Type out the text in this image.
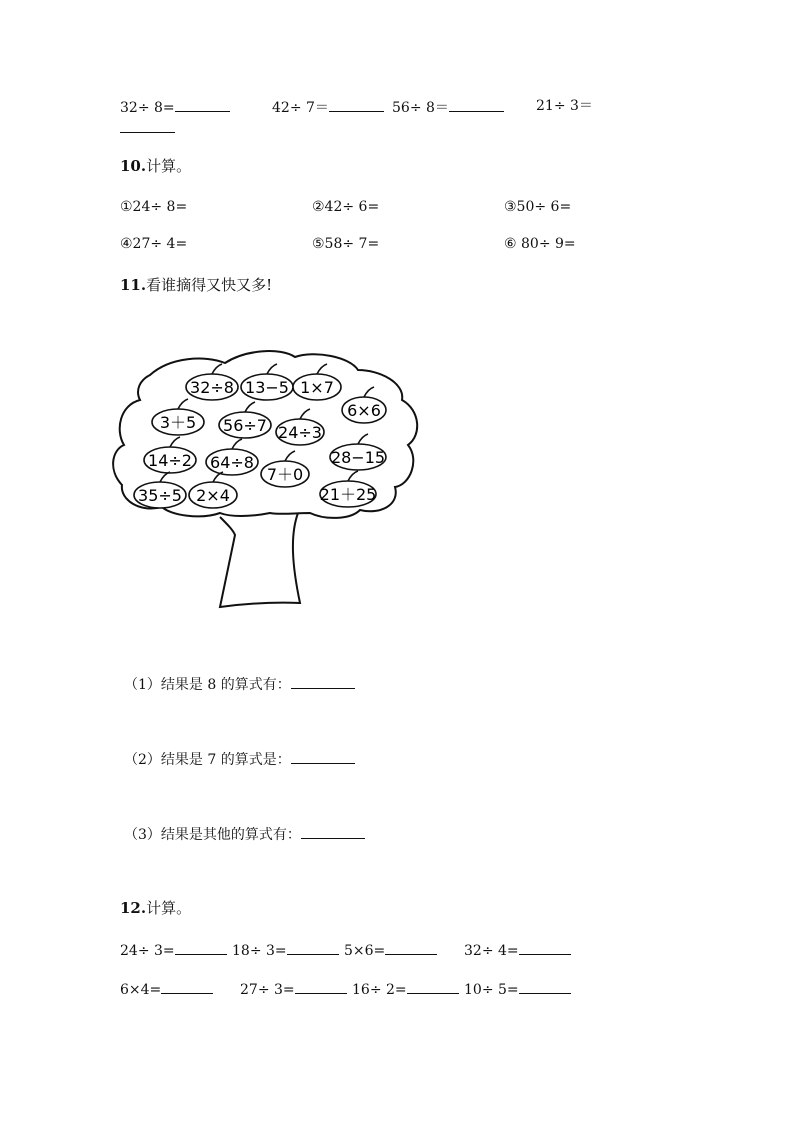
32÷ 8=	42÷ 7＝	56÷ 8＝	21÷ 3＝
10.计算。
①24÷ 8=	②42÷ 6=	③50÷ 6=
④27÷ 4=	⑤58÷ 7=	⑥ 80÷ 9=
11.看谁摘得又快又多!
32÷8 13−5 1×7
6×6
3＋5 56÷7 24÷3
14÷2 64÷8
7＋0
28−15
35÷5 2×4	21＋25
（1）结果是 8 的算式有：
（2）结果是 7 的算式是：
（3）结果是其他的算式有：
12.计算。
24÷ 3=	18÷ 3=	5×6=	32÷ 4=
6×4=	27÷ 3=	16÷ 2=	10÷ 5=
